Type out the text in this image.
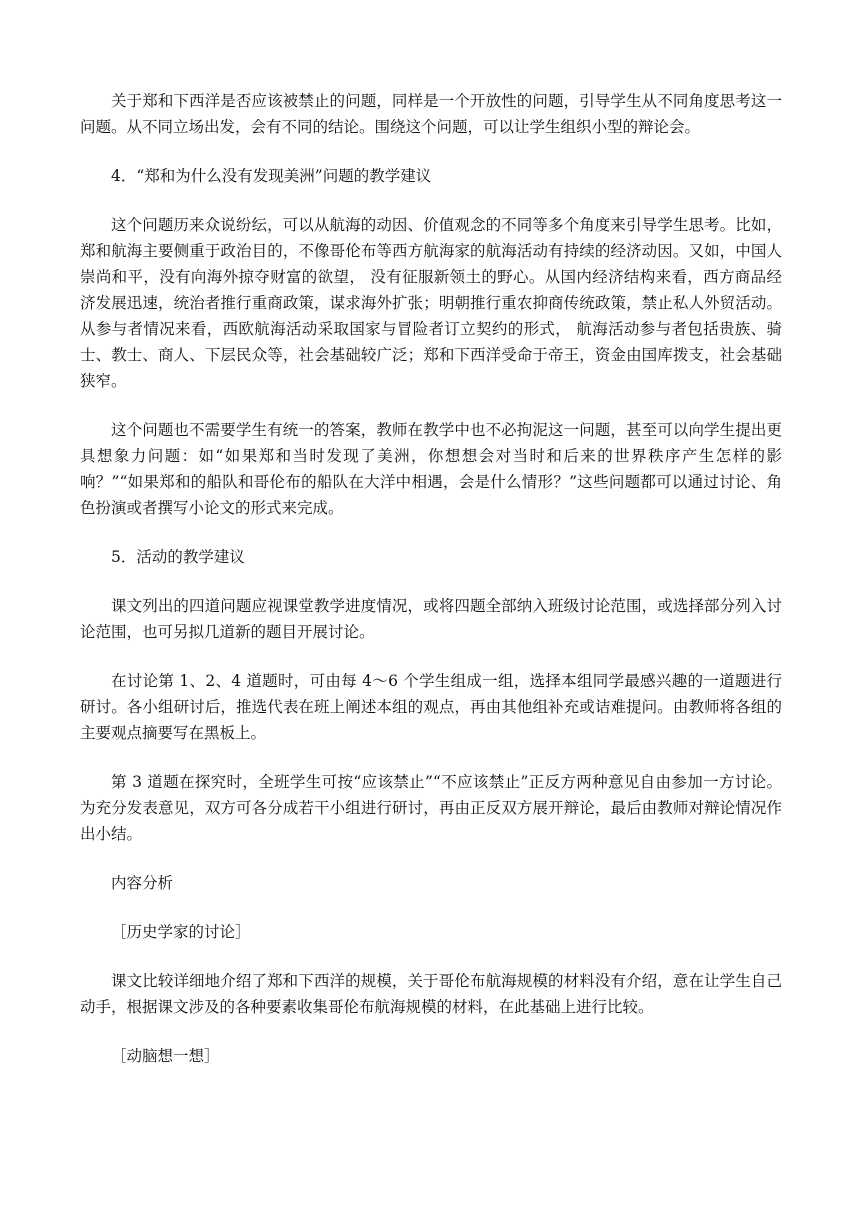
关于郑和下西洋是否应该被禁止的问题，同样是一个开放性的问题，引导学生从不同角度思考这一问题。从不同立场出发，会有不同的结论。围绕这个问题，可以让学生组织小型的辩论会。

4．“郑和为什么没有发现美洲”问题的教学建议

这个问题历来众说纷纭，可以从航海的动因、价值观念的不同等多个角度来引导学生思考。比如，郑和航海主要侧重于政治目的，不像哥伦布等西方航海家的航海活动有持续的经济动因。又如，中国人崇尚和平，没有向海外掠夺财富的欲望， 没有征服新领土的野心。从国内经济结构来看，西方商品经济发展迅速，统治者推行重商政策，谋求海外扩张；明朝推行重农抑商传统政策，禁止私人外贸活动。从参与者情况来看，西欧航海活动采取国家与冒险者订立契约的形式， 航海活动参与者包括贵族、骑士、教士、商人、下层民众等，社会基础较广泛；郑和下西洋受命于帝王，资金由国库拨支，社会基础狭窄。

这个问题也不需要学生有统一的答案，教师在教学中也不必拘泥这一问题，甚至可以向学生提出更具想象力问题：如“如果郑和当时发现了美洲，你想想会对当时和后来的世界秩序产生怎样的影响？”“如果郑和的船队和哥伦布的船队在大洋中相遇，会是什么情形？”这些问题都可以通过讨论、角色扮演或者撰写小论文的形式来完成。

5．活动的教学建议

课文列出的四道问题应视课堂教学进度情况，或将四题全部纳入班级讨论范围，或选择部分列入讨论范围，也可另拟几道新的题目开展讨论。

在讨论第 1、2、4 道题时，可由每 4～6 个学生组成一组，选择本组同学最感兴趣的一道题进行研讨。各小组研讨后，推选代表在班上阐述本组的观点，再由其他组补充或诘难提问。由教师将各组的主要观点摘要写在黑板上。

第 3 道题在探究时，全班学生可按“应该禁止”“不应该禁止”正反方两种意见自由参加一方讨论。为充分发表意见，双方可各分成若干小组进行研讨，再由正反双方展开辩论，最后由教师对辩论情况作出小结。

内容分析

［历史学家的讨论］

课文比较详细地介绍了郑和下西洋的规模，关于哥伦布航海规模的材料没有介绍，意在让学生自己动手，根据课文涉及的各种要素收集哥伦布航海规模的材料，在此基础上进行比较。

［动脑想一想］
